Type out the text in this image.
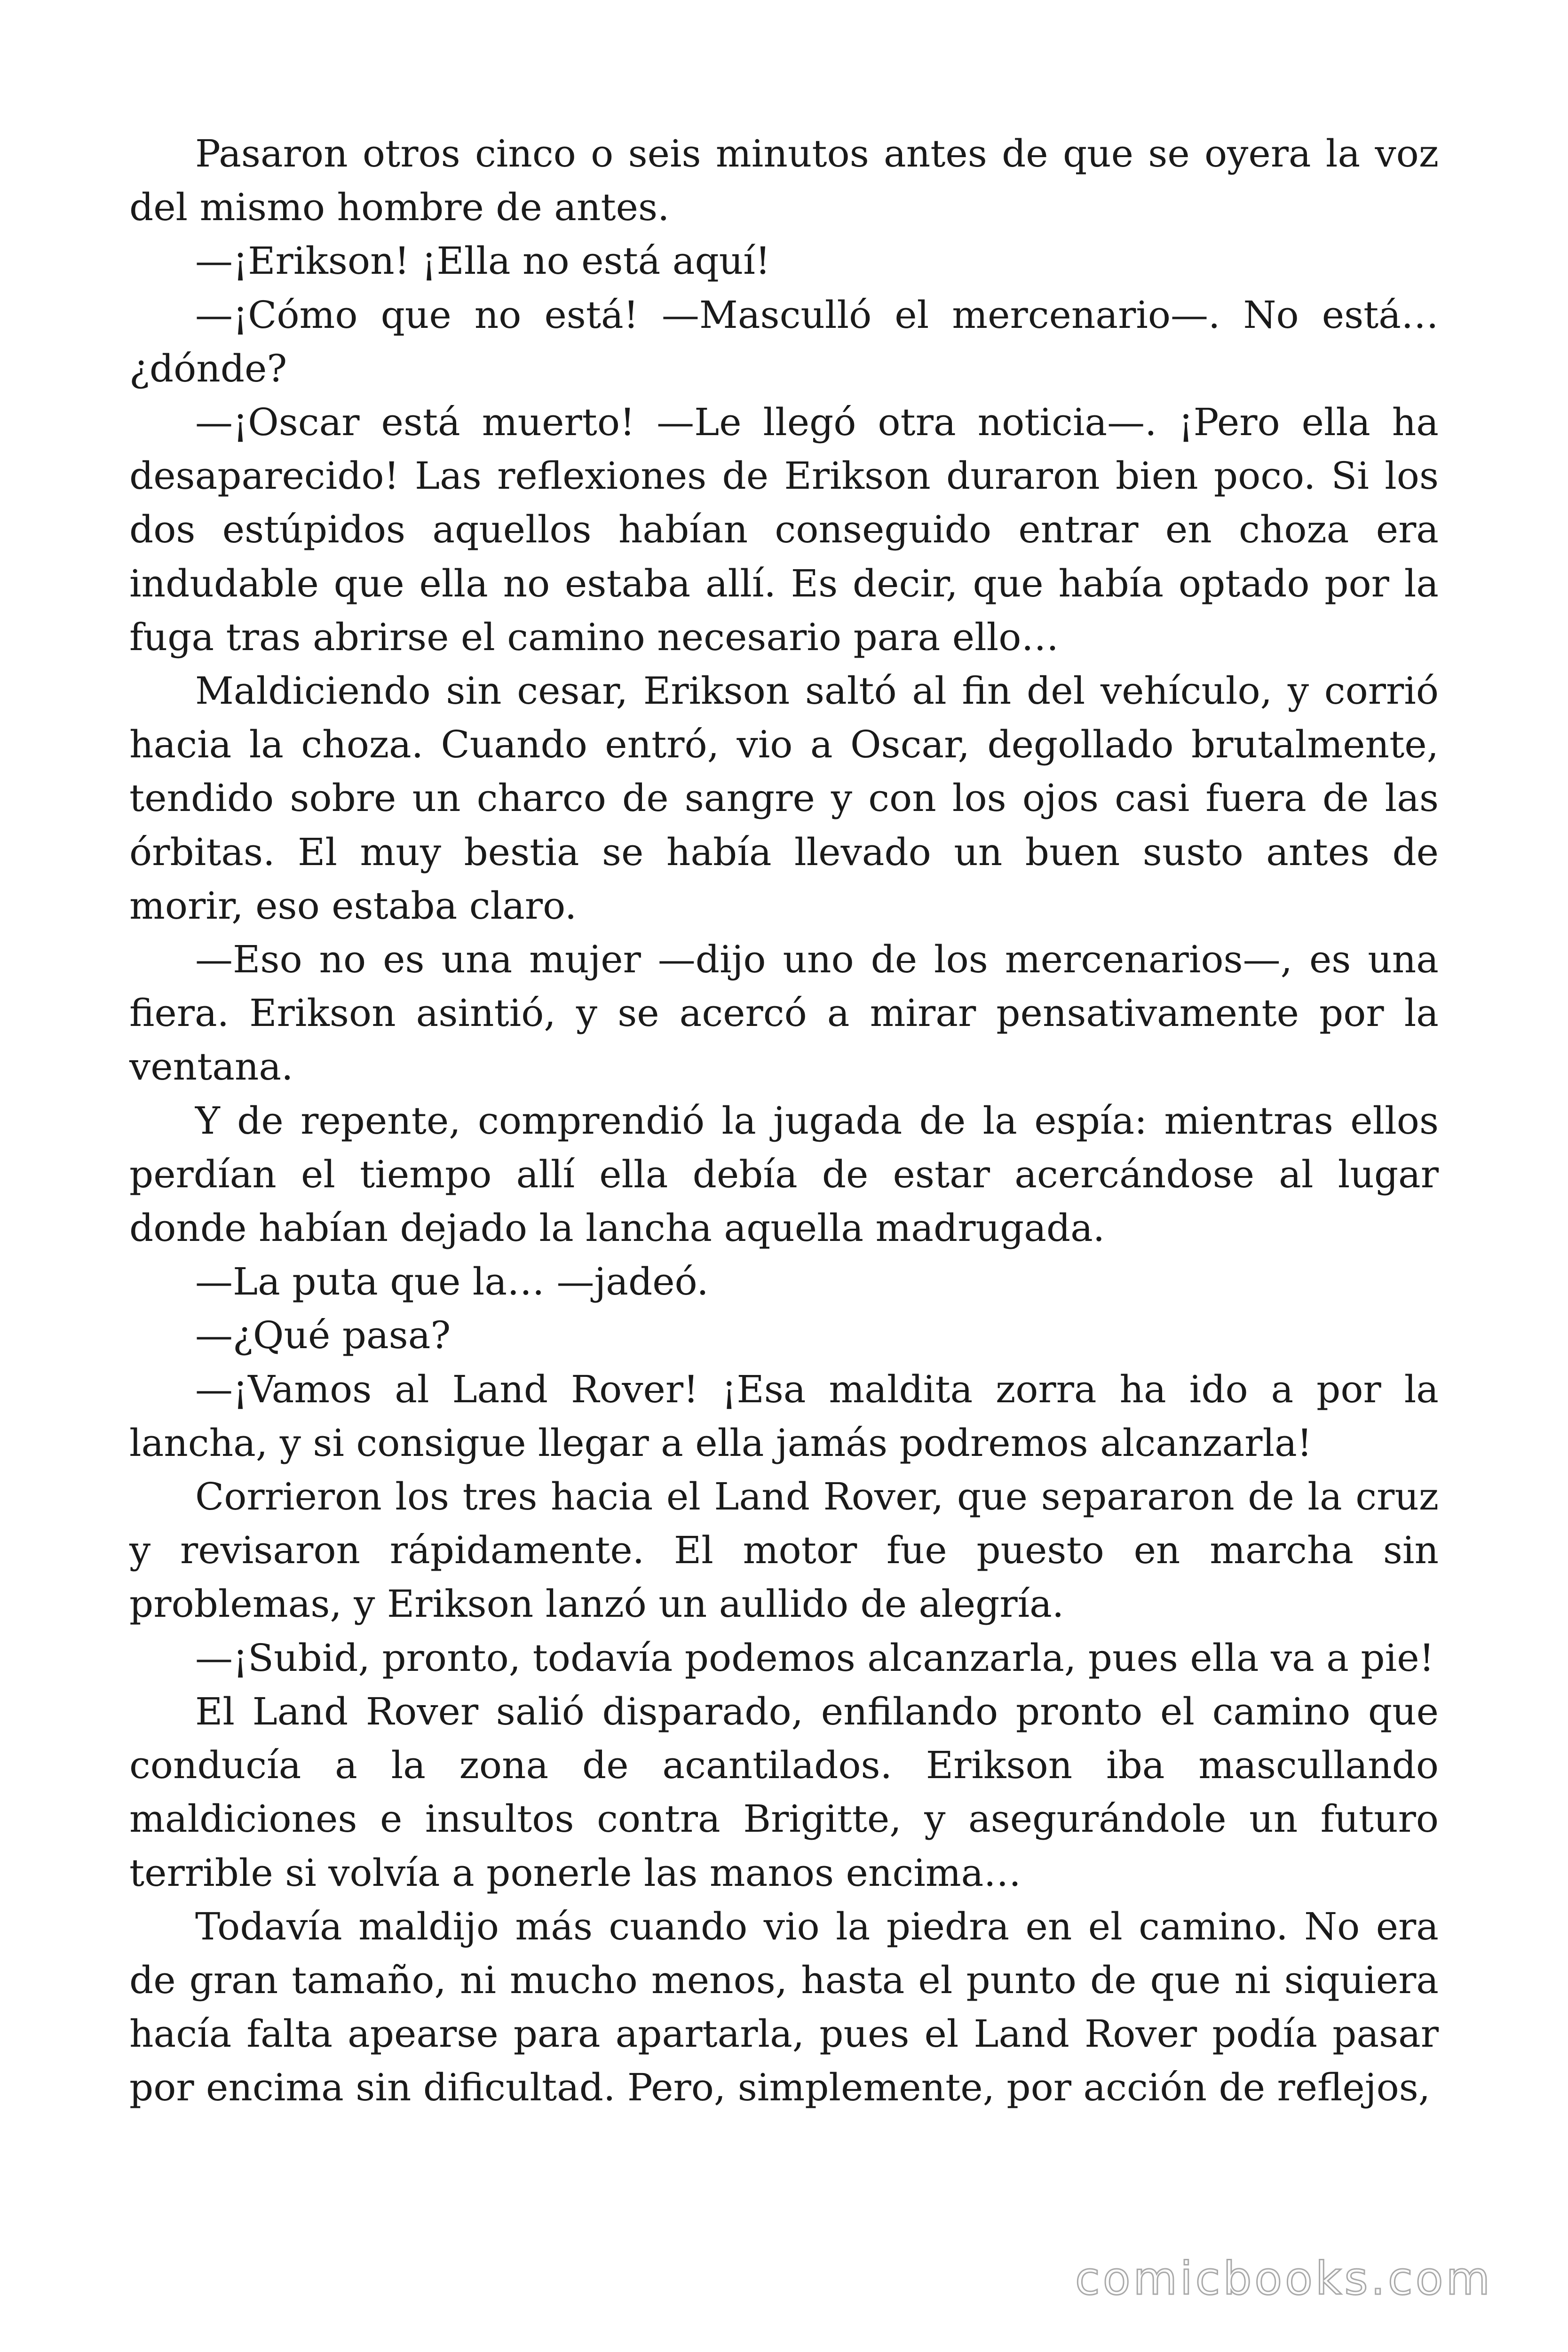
Pasaron otros cinco o seis minutos antes de que se oyera la voz del mismo hombre de antes.

—¡Erikson! ¡Ella no está aquí!

—¡Cómo que no está! —Masculló el mercenario—. No está… ¿dónde?

—¡Oscar está muerto! —Le llegó otra noticia—. ¡Pero ella ha desaparecido! Las reflexiones de Erikson duraron bien poco. Si los dos estúpidos aquellos habían conseguido entrar en choza era indudable que ella no estaba allí. Es decir, que había optado por la fuga tras abrirse el camino necesario para ello…

Maldiciendo sin cesar, Erikson saltó al fin del vehículo, y corrió hacia la choza. Cuando entró, vio a Oscar, degollado brutalmente, tendido sobre un charco de sangre y con los ojos casi fuera de las órbitas. El muy bestia se había llevado un buen susto antes de morir, eso estaba claro.

—Eso no es una mujer —dijo uno de los mercenarios—, es una fiera. Erikson asintió, y se acercó a mirar pensativamente por la ventana.

Y de repente, comprendió la jugada de la espía: mientras ellos perdían el tiempo allí ella debía de estar acercándose al lugar donde habían dejado la lancha aquella madrugada.

—La puta que la… —jadeó.

—¿Qué pasa?

—¡Vamos al Land Rover! ¡Esa maldita zorra ha ido a por la lancha, y si consigue llegar a ella jamás podremos alcanzarla!

Corrieron los tres hacia el Land Rover, que separaron de la cruz y revisaron rápidamente. El motor fue puesto en marcha sin problemas, y Erikson lanzó un aullido de alegría.

—¡Subid, pronto, todavía podemos alcanzarla, pues ella va a pie!

El Land Rover salió disparado, enfilando pronto el camino que conducía a la zona de acantilados. Erikson iba mascullando maldiciones e insultos contra Brigitte, y asegurándole un futuro terrible si volvía a ponerle las manos encima…

Todavía maldijo más cuando vio la piedra en el camino. No era de gran tamaño, ni mucho menos, hasta el punto de que ni siquiera hacía falta apearse para apartarla, pues el Land Rover podía pasar por encima sin dificultad. Pero, simplemente, por acción de reflejos,

comicbooks.com
